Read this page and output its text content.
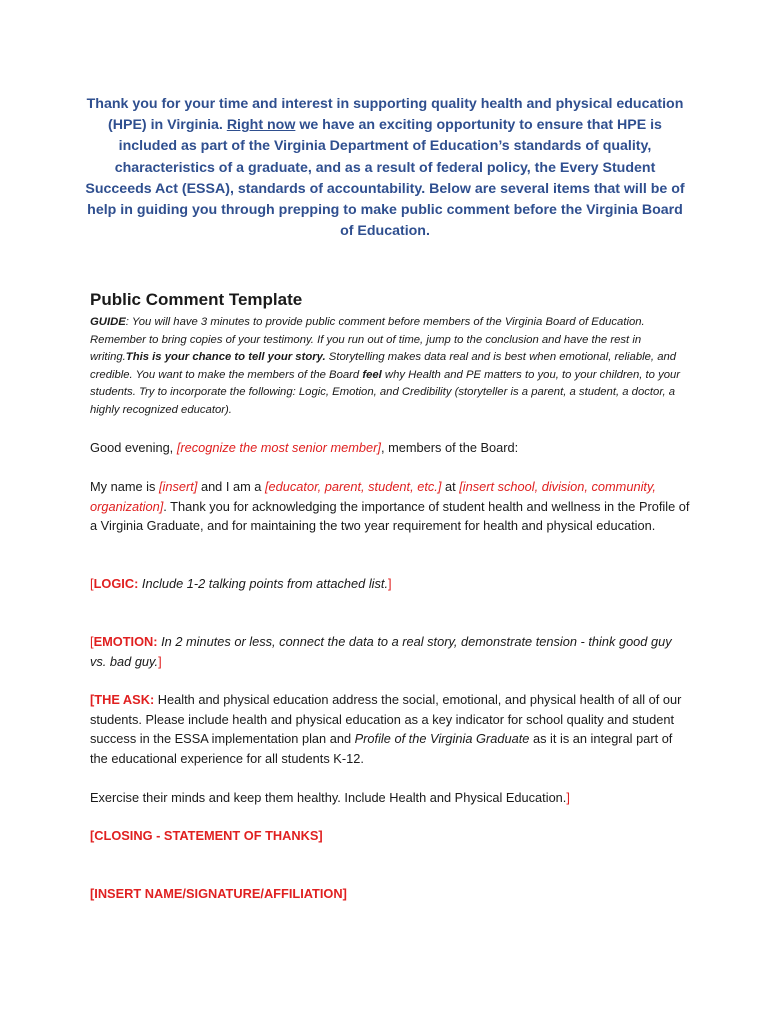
Thank you for your time and interest in supporting quality health and physical education (HPE) in Virginia. Right now we have an exciting opportunity to ensure that HPE is included as part of the Virginia Department of Education’s standards of quality, characteristics of a graduate, and as a result of federal policy, the Every Student Succeeds Act (ESSA), standards of accountability. Below are several items that will be of help in guiding you through prepping to make public comment before the Virginia Board of Education.
Public Comment Template
GUIDE: You will have 3 minutes to provide public comment before members of the Virginia Board of Education. Remember to bring copies of your testimony. If you run out of time, jump to the conclusion and have the rest in writing.This is your chance to tell your story. Storytelling makes data real and is best when emotional, reliable, and credible. You want to make the members of the Board feel why Health and PE matters to you, to your children, to your students. Try to incorporate the following: Logic, Emotion, and Credibility (storyteller is a parent, a student, a doctor, a highly recognized educator).
Good evening, [recognize the most senior member], members of the Board:
My name is [insert] and I am a [educator, parent, student, etc.] at [insert school, division, community, organization]. Thank you for acknowledging the importance of student health and wellness in the Profile of a Virginia Graduate, and for maintaining the two year requirement for health and physical education.
[LOGIC: Include 1-2 talking points from attached list.]
[EMOTION: In 2 minutes or less, connect the data to a real story, demonstrate tension - think good guy vs. bad guy.]
[THE ASK: Health and physical education address the social, emotional, and physical health of all of our students. Please include health and physical education as a key indicator for school quality and student success in the ESSA implementation plan and Profile of the Virginia Graduate as it is an integral part of the educational experience for all students K-12.
Exercise their minds and keep them healthy. Include Health and Physical Education.]
[CLOSING - STATEMENT OF THANKS]
[INSERT NAME/SIGNATURE/AFFILIATION]
